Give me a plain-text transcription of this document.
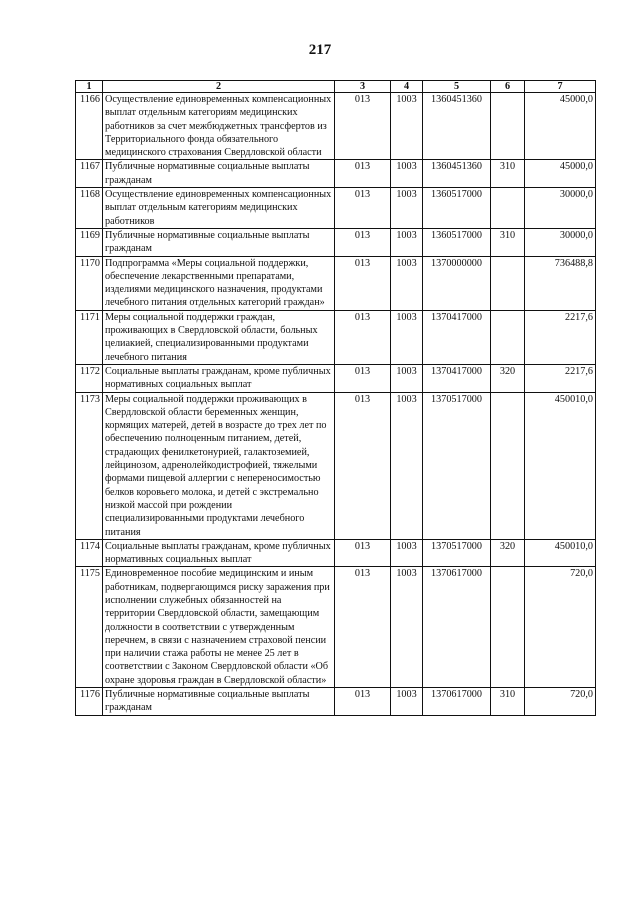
217
1	2	3	4	5	6	7
1166	Осуществление единовременных компенсационных выплат отдельным категориям медицинских работников за счет межбюджетных трансфертов из Территориального фонда обязательного медицинского страхования Свердловской области	013	1003	1360451360		45000,0
1167	Публичные нормативные социальные выплаты гражданам	013	1003	1360451360	310	45000,0
1168	Осуществление единовременных компенсационных выплат отдельным категориям медицинских работников	013	1003	1360517000		30000,0
1169	Публичные нормативные социальные выплаты гражданам	013	1003	1360517000	310	30000,0
1170	Подпрограмма «Меры социальной поддержки, обеспечение лекарственными препаратами, изделиями медицинского назначения, продуктами лечебного питания отдельных категорий граждан»	013	1003	1370000000		736488,8
1171	Меры социальной поддержки граждан, проживающих в Свердловской области, больных целиакией, специализированными продуктами лечебного питания	013	1003	1370417000		2217,6
1172	Социальные выплаты гражданам, кроме публичных нормативных социальных выплат	013	1003	1370417000	320	2217,6
1173	Меры социальной поддержки проживающих в Свердловской области беременных женщин, кормящих матерей, детей в возрасте до трех лет по обеспечению полноценным питанием, детей, страдающих фенилкетонурией, галактоземией, лейцинозом, адренолейкодистрофией, тяжелыми формами пищевой аллергии с непереносимостью белков коровьего молока, и детей с экстремально низкой массой при рождении специализированными продуктами лечебного питания	013	1003	1370517000		450010,0
1174	Социальные выплаты гражданам, кроме публичных нормативных социальных выплат	013	1003	1370517000	320	450010,0
1175	Единовременное пособие медицинским и иным работникам, подвергающимся риску заражения при исполнении служебных обязанностей на территории Свердловской области, замещающим должности в соответствии с утвержденным перечнем, в связи с назначением страховой пенсии при наличии стажа работы не менее 25 лет в соответствии с Законом Свердловской области «Об охране здоровья граждан в Свердловской области»	013	1003	1370617000		720,0
1176	Публичные нормативные социальные выплаты гражданам	013	1003	1370617000	310	720,0
